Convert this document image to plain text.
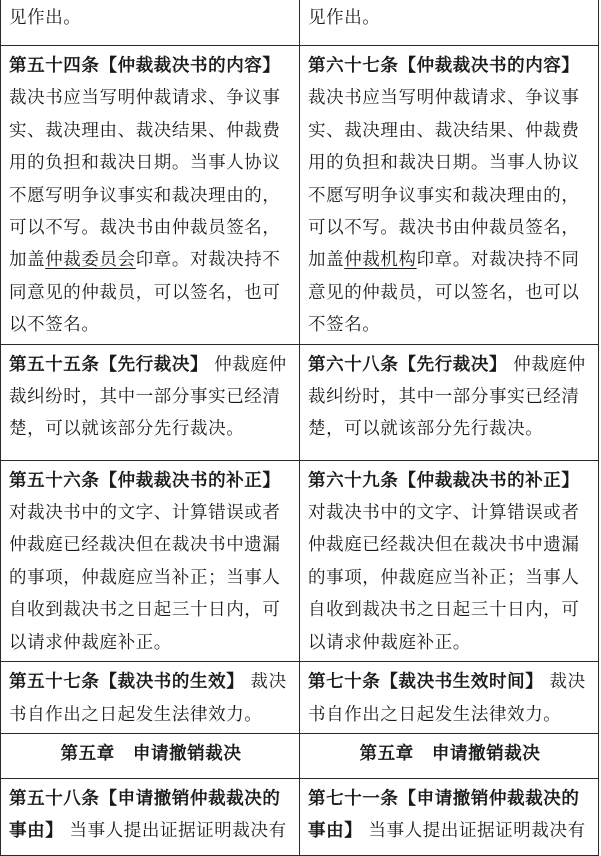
见作出。	见作出。
第五十四条【仲裁裁决书的内容】裁决书应当写明仲裁请求、争议事实、裁决理由、裁决结果、仲裁费用的负担和裁决日期。当事人协议不愿写明争议事实和裁决理由的，可以不写。裁决书由仲裁员签名，加盖仲裁委员会印章。对裁决持不同意见的仲裁员，可以签名，也可以不签名。	第六十七条【仲裁裁决书的内容】裁决书应当写明仲裁请求、争议事实、裁决理由、裁决结果、仲裁费用的负担和裁决日期。当事人协议不愿写明争议事实和裁决理由的，可以不写。裁决书由仲裁员签名，加盖仲裁机构印章。对裁决持不同意见的仲裁员，可以签名，也可以不签名。
第五十五条【先行裁决】 仲裁庭仲裁纠纷时，其中一部分事实已经清楚，可以就该部分先行裁决。	第六十八条【先行裁决】 仲裁庭仲裁纠纷时，其中一部分事实已经清楚，可以就该部分先行裁决。
第五十六条【仲裁裁决书的补正】对裁决书中的文字、计算错误或者仲裁庭已经裁决但在裁决书中遗漏的事项，仲裁庭应当补正；当事人自收到裁决书之日起三十日内，可以请求仲裁庭补正。	第六十九条【仲裁裁决书的补正】对裁决书中的文字、计算错误或者仲裁庭已经裁决但在裁决书中遗漏的事项，仲裁庭应当补正；当事人自收到裁决书之日起三十日内，可以请求仲裁庭补正。
第五十七条【裁决书的生效】 裁决书自作出之日起发生法律效力。	第七十条【裁决书生效时间】 裁决书自作出之日起发生法律效力。
第五章　申请撤销裁决	第五章　申请撤销裁决
第五十八条【申请撤销仲裁裁决的事由】 当事人提出证据证明裁决有	第七十一条【申请撤销仲裁裁决的事由】 当事人提出证据证明裁决有
